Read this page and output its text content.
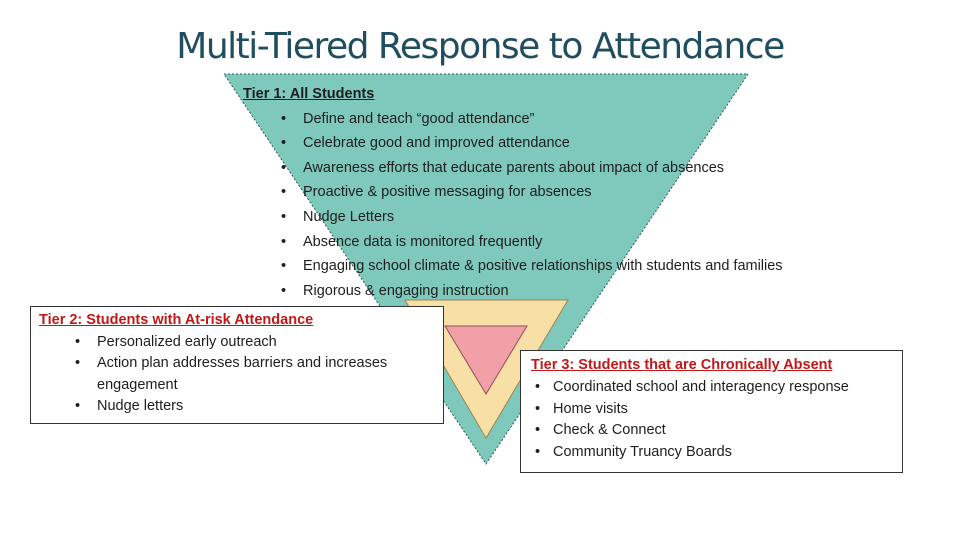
Multi-Tiered Response to Attendance
Tier 1: All Students
• Define and teach “good attendance”
• Celebrate good and improved attendance
• Awareness efforts that educate parents about impact of absences
• Proactive & positive messaging for absences
• Nudge Letters
• Absence data is monitored frequently
• Engaging school climate & positive relationships with students and families
• Rigorous & engaging instruction
Tier 2: Students with At-risk Attendance
• Personalized early outreach
• Action plan addresses barriers and increases engagement
• Nudge letters
Tier 3: Students that are Chronically Absent
• Coordinated school and interagency response
• Home visits
• Check & Connect
• Community Truancy Boards
